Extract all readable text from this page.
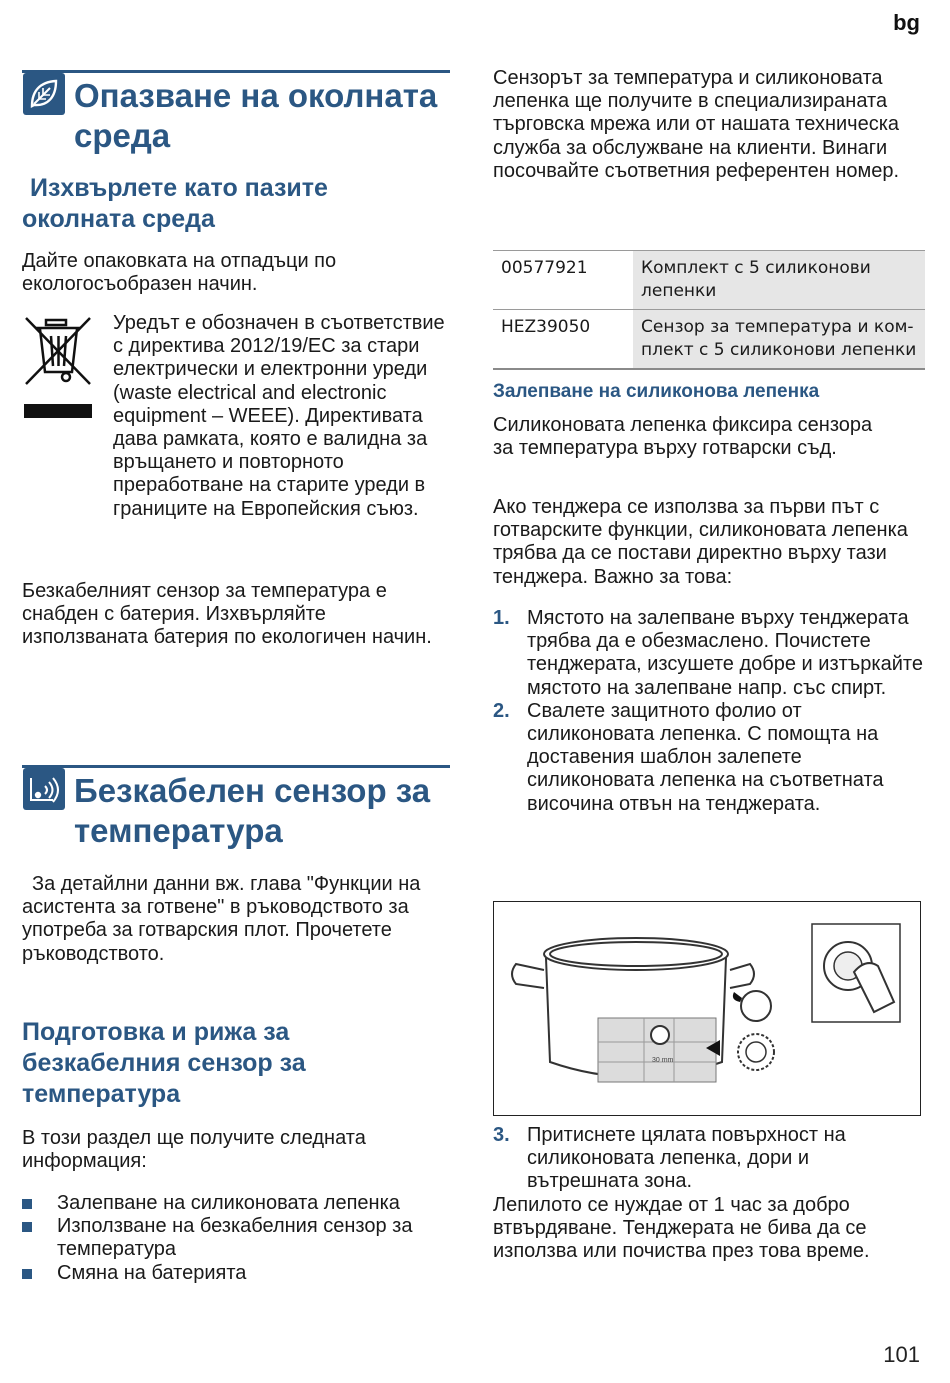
bg
Опазване на околната среда
Изхвърлете като пазите околната среда
Дайте опаковката на отпадъци по екологосъобразен начин.
Уредът е обозначен в съответствие с директива 2012/19/EC за стари електрически и електронни уреди (waste electrical and electronic equipment – WEEE). Директивата дава рамката, която е валидна за връщането и повторното преработване на старите уреди в границите на Европейския съюз.
Безкабелният сензор за температура е снабден с батерия. Изхвърляйте използваната батерия по екологичен начин.
Безкабелен сензор за температура
За детайлни данни вж. глава "Функции на асистента за готвене" в ръководството за употреба за готварския плот. Прочетете ръководството.
Подготовка и рижа за безкабелния сензор за температура
В този раздел ще получите следната информация:
Залепване на силиконовата лепенка
Използване на безкабелния сензор за температура
Смяна на батерията
Сензорът за температура и силиконовата лепенка ще получите в специализираната търговска мрежа или от нашата техническа служба за обслужване на клиенти. Винаги посочвайте съответния референтен номер.
00577921	Комплект с 5 силиконови лепенки
HEZ39050	Сензор за температура и ком-плект с 5 силиконови лепенки
Залепване на силиконова лепенка
Силиконовата лепенка фиксира сензора за температура върху готварски съд.
Ако тенджера се използва за първи път с готварските функции, силиконовата лепенка трябва да се постави директно върху тази тенджера. Важно за това:
1. Мястото на залепване върху тенджерата трябва да е обезмаслено. Почистете тенджерата, изсушете добре и изтъркайте мястото на залепване напр. със спирт.
2. Свалете защитното фолио от силиконовата лепенка. С помощта на доставения шаблон залепете силиконовата лепенка на съответната височина отвън на тенджерата.
30 mm
3. Притиснете цялата повърхност на силиконовата лепенка, дори и вътрешната зона.
Лепилото се нуждае от 1 час за добро втвърдяване. Тенджерата не бива да се използва или почиства през това време.
101
